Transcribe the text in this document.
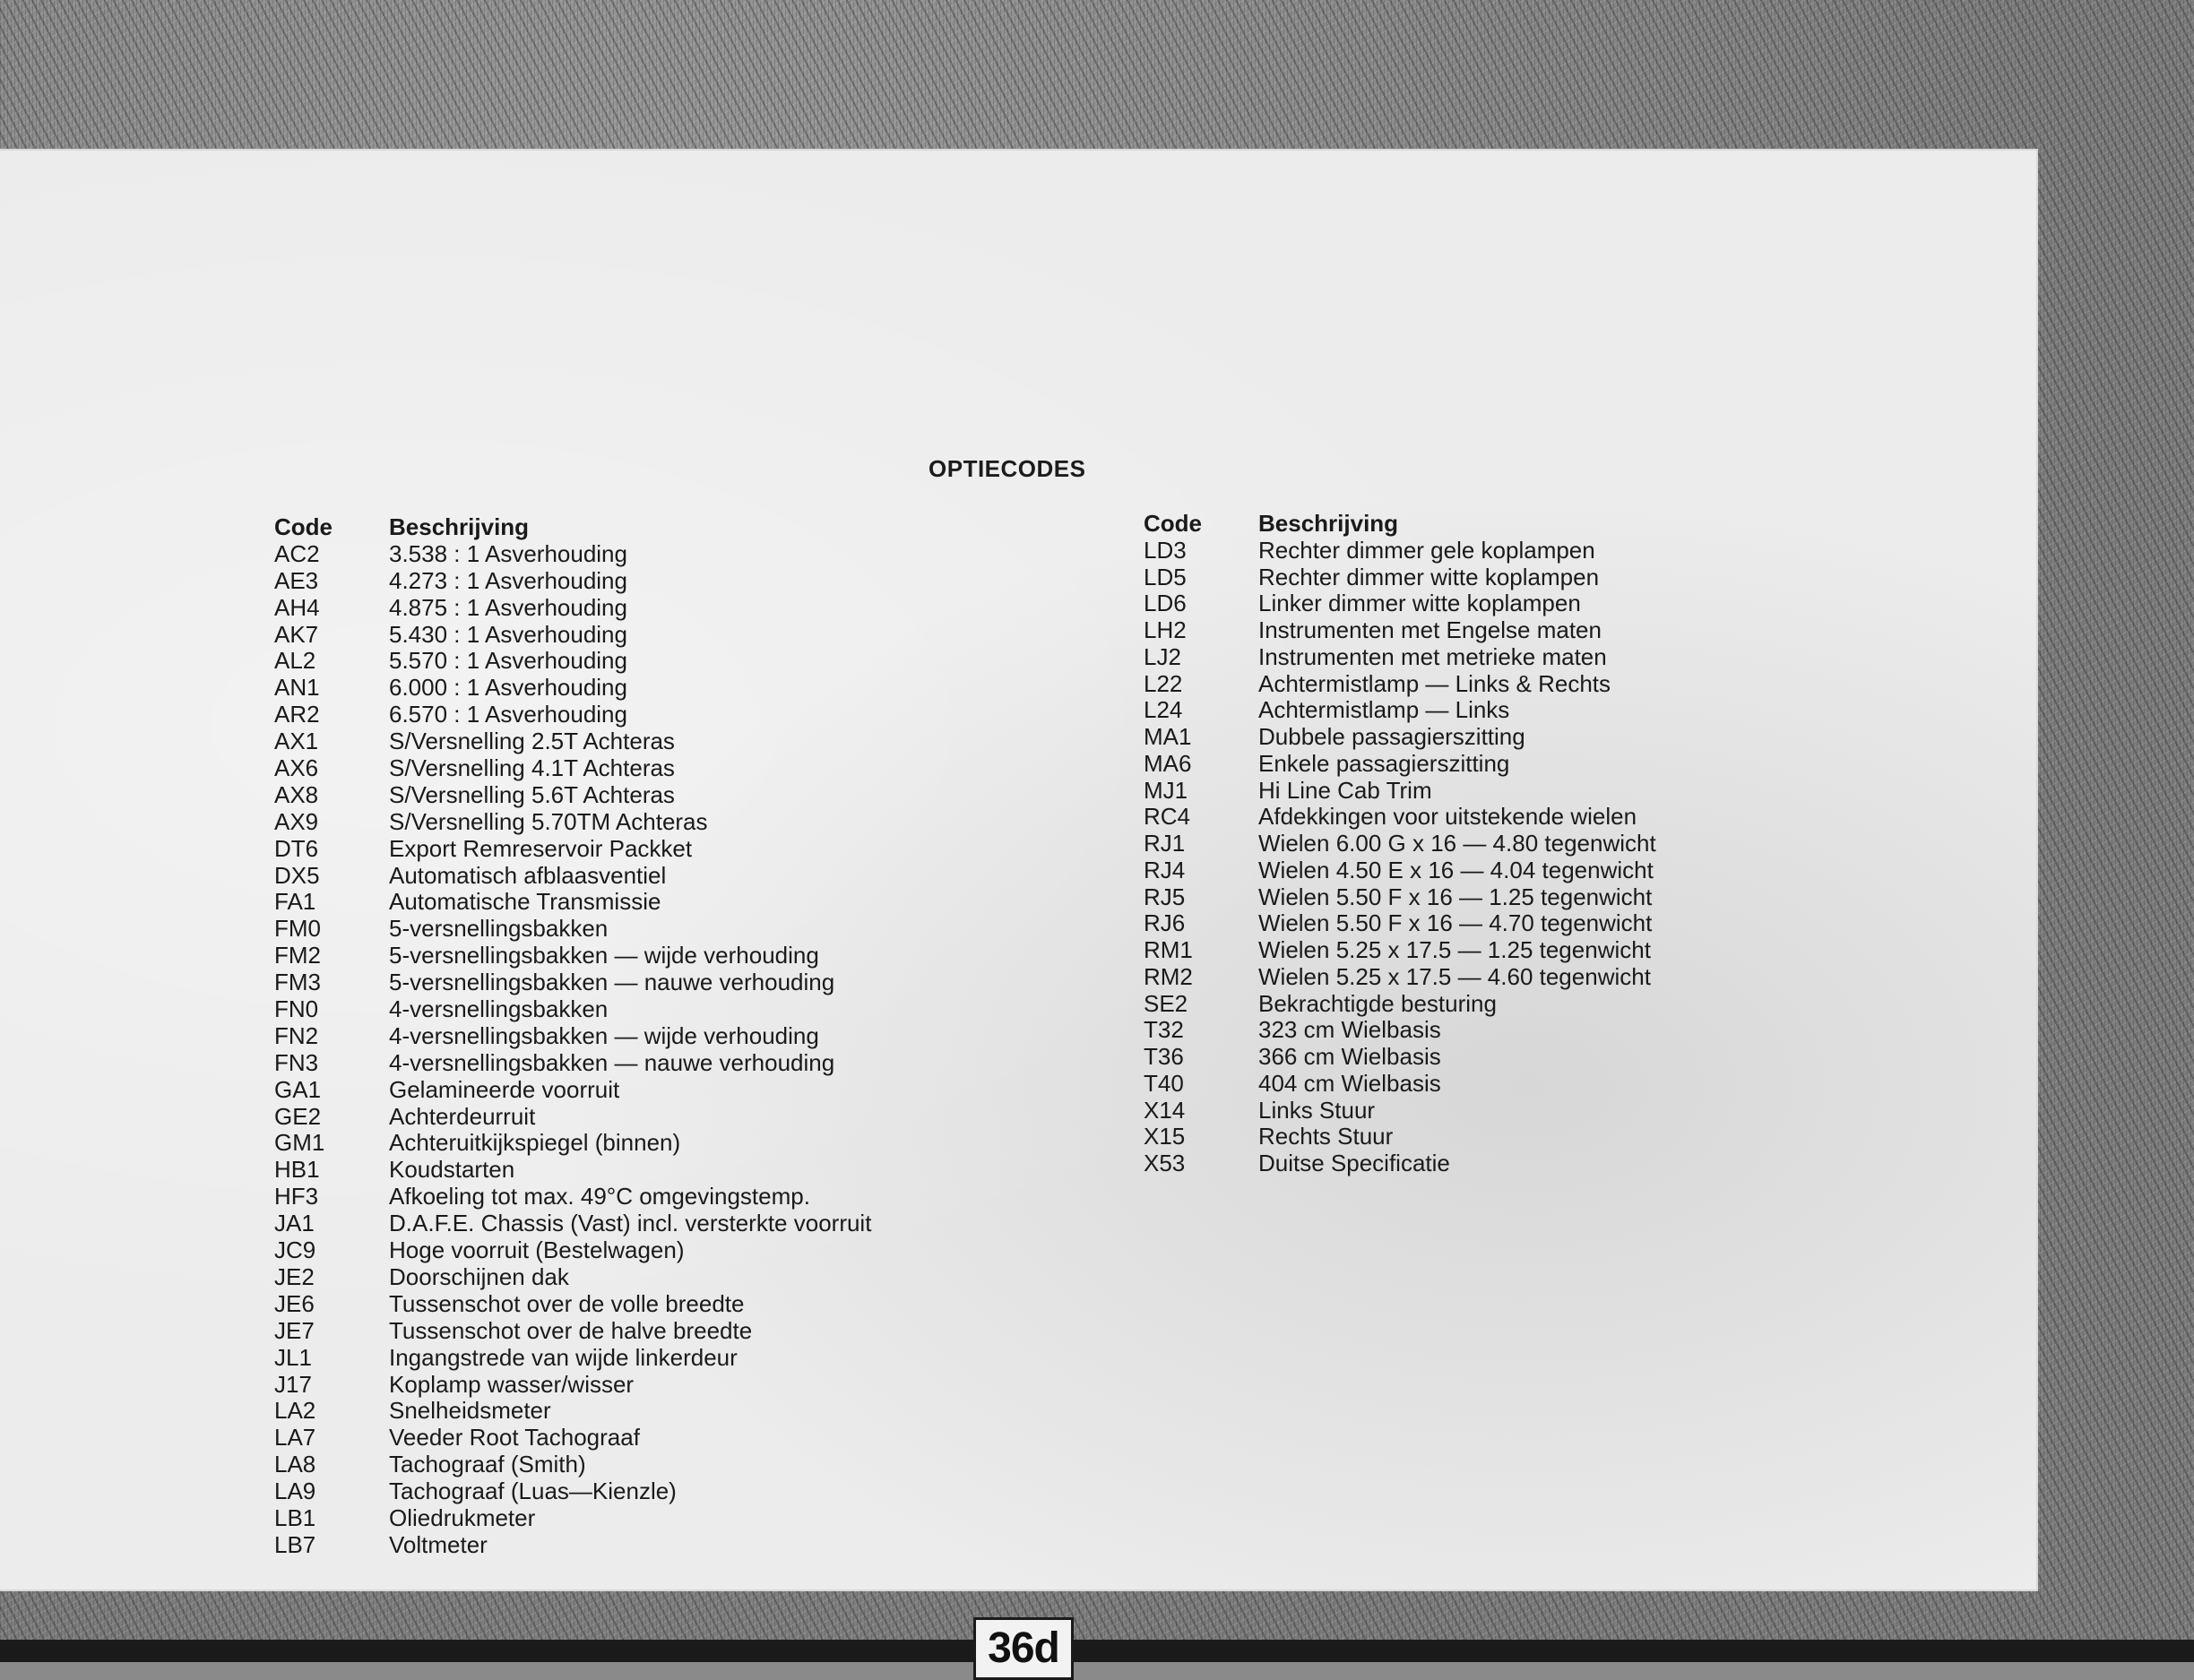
OPTIECODES
Code Beschrijving
AC2	3.538 : 1 Asverhouding
AE3	4.273 : 1 Asverhouding
AH4	4.875 : 1 Asverhouding
AK7	5.430 : 1 Asverhouding
AL2	5.570 : 1 Asverhouding
AN1	6.000 : 1 Asverhouding
AR2	6.570 : 1 Asverhouding
AX1	S/Versnelling 2.5T Achteras
AX6	S/Versnelling 4.1T Achteras
AX8	S/Versnelling 5.6T Achteras
AX9	S/Versnelling 5.70TM Achteras
DT6	Export Remreservoir Packket
DX5	Automatisch afblaasventiel
FA1	Automatische Transmissie
FM0	5-versnellingsbakken
FM2	5-versnellingsbakken — wijde verhouding
FM3	5-versnellingsbakken — nauwe verhouding
FN0	4-versnellingsbakken
FN2	4-versnellingsbakken — wijde verhouding
FN3	4-versnellingsbakken — nauwe verhouding
GA1	Gelamineerde voorruit
GE2	Achterdeurruit
GM1	Achteruitkijkspiegel (binnen)
HB1	Koudstarten
HF3	Afkoeling tot max. 49°C omgevingstemp.
JA1	D.A.F.E. Chassis (Vast) incl. versterkte voorruit
JC9	Hoge voorruit (Bestelwagen)
JE2	Doorschijnen dak
JE6	Tussenschot over de volle breedte
JE7	Tussenschot over de halve breedte
JL1	Ingangstrede van wijde linkerdeur
J17	Koplamp wasser/wisser
LA2	Snelheidsmeter
LA7	Veeder Root Tachograaf
LA8	Tachograaf (Smith)
LA9	Tachograaf (Luas—Kienzle)
LB1	Oliedrukmeter
LB7	Voltmeter
Code Beschrijving
LD3	Rechter dimmer gele koplampen
LD5	Rechter dimmer witte koplampen
LD6	Linker dimmer witte koplampen
LH2	Instrumenten met Engelse maten
LJ2	Instrumenten met metrieke maten
L22	Achtermistlamp — Links & Rechts
L24	Achtermistlamp — Links
MA1	Dubbele passagierszitting
MA6	Enkele passagierszitting
MJ1	Hi Line Cab Trim
RC4	Afdekkingen voor uitstekende wielen
RJ1	Wielen 6.00 G x 16 — 4.80 tegenwicht
RJ4	Wielen 4.50 E x 16 — 4.04 tegenwicht
RJ5	Wielen 5.50 F x 16 — 1.25 tegenwicht
RJ6	Wielen 5.50 F x 16 — 4.70 tegenwicht
RM1	Wielen 5.25 x 17.5 — 1.25 tegenwicht
RM2	Wielen 5.25 x 17.5 — 4.60 tegenwicht
SE2	Bekrachtigde besturing
T32	323 cm Wielbasis
T36	366 cm Wielbasis
T40	404 cm Wielbasis
X14	Links Stuur
X15	Rechts Stuur
X53	Duitse Specificatie
36d
